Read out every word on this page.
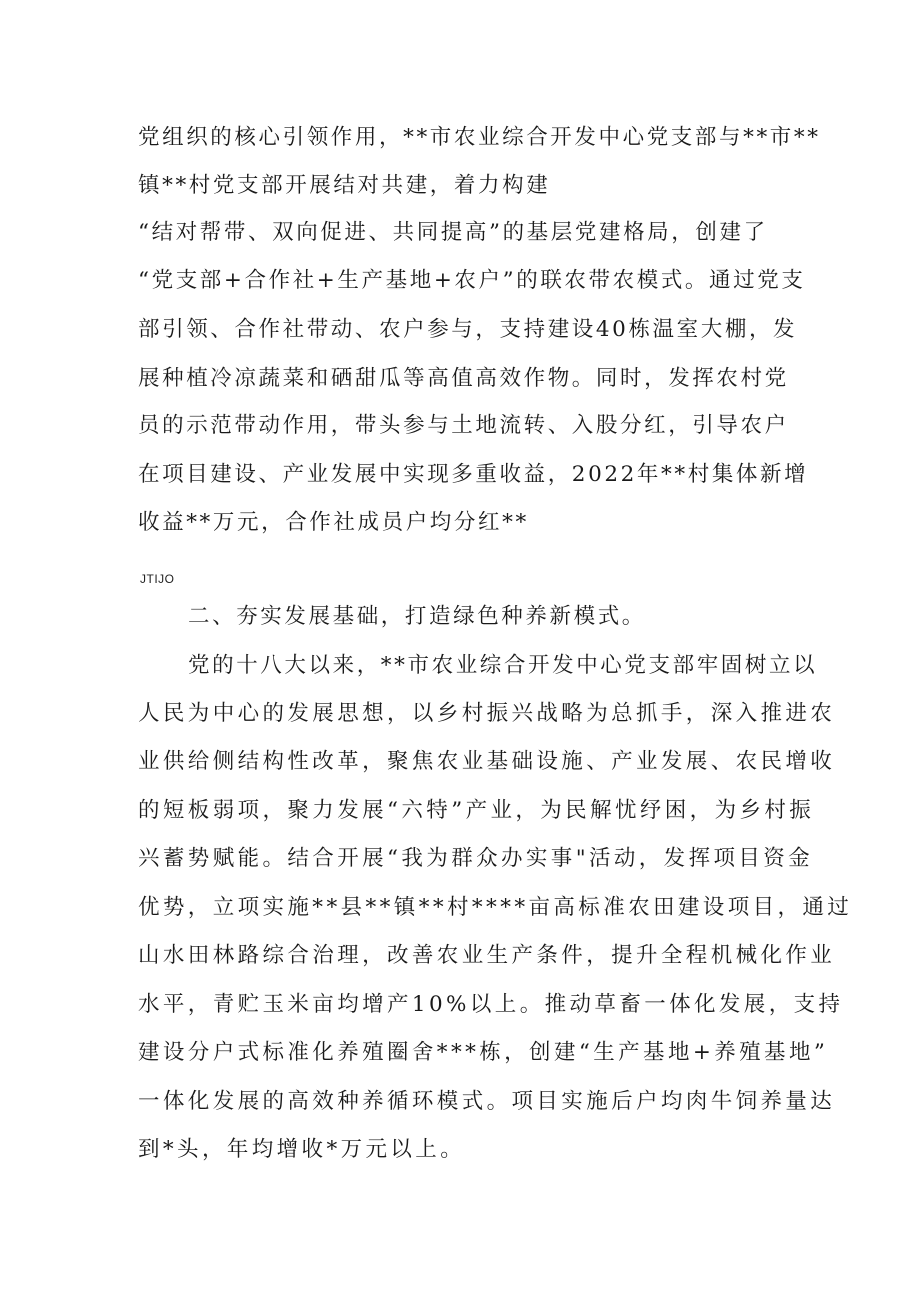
党组织的核心引领作用，**市农业综合开发中心党支部与**市**
镇**村党支部开展结对共建，着力构建
“结对帮带、双向促进、共同提高”的基层党建格局，创建了
“党支部+合作社+生产基地+农户”的联农带农模式。通过党支
部引领、合作社带动、农户参与，支持建设40栋温室大棚，发
展种植冷凉蔬菜和硒甜瓜等高值高效作物。同时，发挥农村党
员的示范带动作用，带头参与土地流转、入股分红，引导农户
在项目建设、产业发展中实现多重收益，2022年**村集体新增
收益**万元，合作社成员户均分红**
JTIJO
二、夯实发展基础，打造绿色种养新模式。
党的十八大以来，**市农业综合开发中心党支部牢固树立以
人民为中心的发展思想，以乡村振兴战略为总抓手，深入推进农
业供给侧结构性改革，聚焦农业基础设施、产业发展、农民增收
的短板弱项，聚力发展“六特”产业，为民解忧纾困，为乡村振
兴蓄势赋能。结合开展“我为群众办实事"活动，发挥项目资金
优势，立项实施**县**镇**村****亩高标准农田建设项目，通过
山水田林路综合治理，改善农业生产条件，提升全程机械化作业
水平，青贮玉米亩均增产10%以上。推动草畜一体化发展，支持
建设分户式标准化养殖圈舍***栋，创建“生产基地+养殖基地”
一体化发展的高效种养循环模式。项目实施后户均肉牛饲养量达
到*头，年均增收*万元以上。
